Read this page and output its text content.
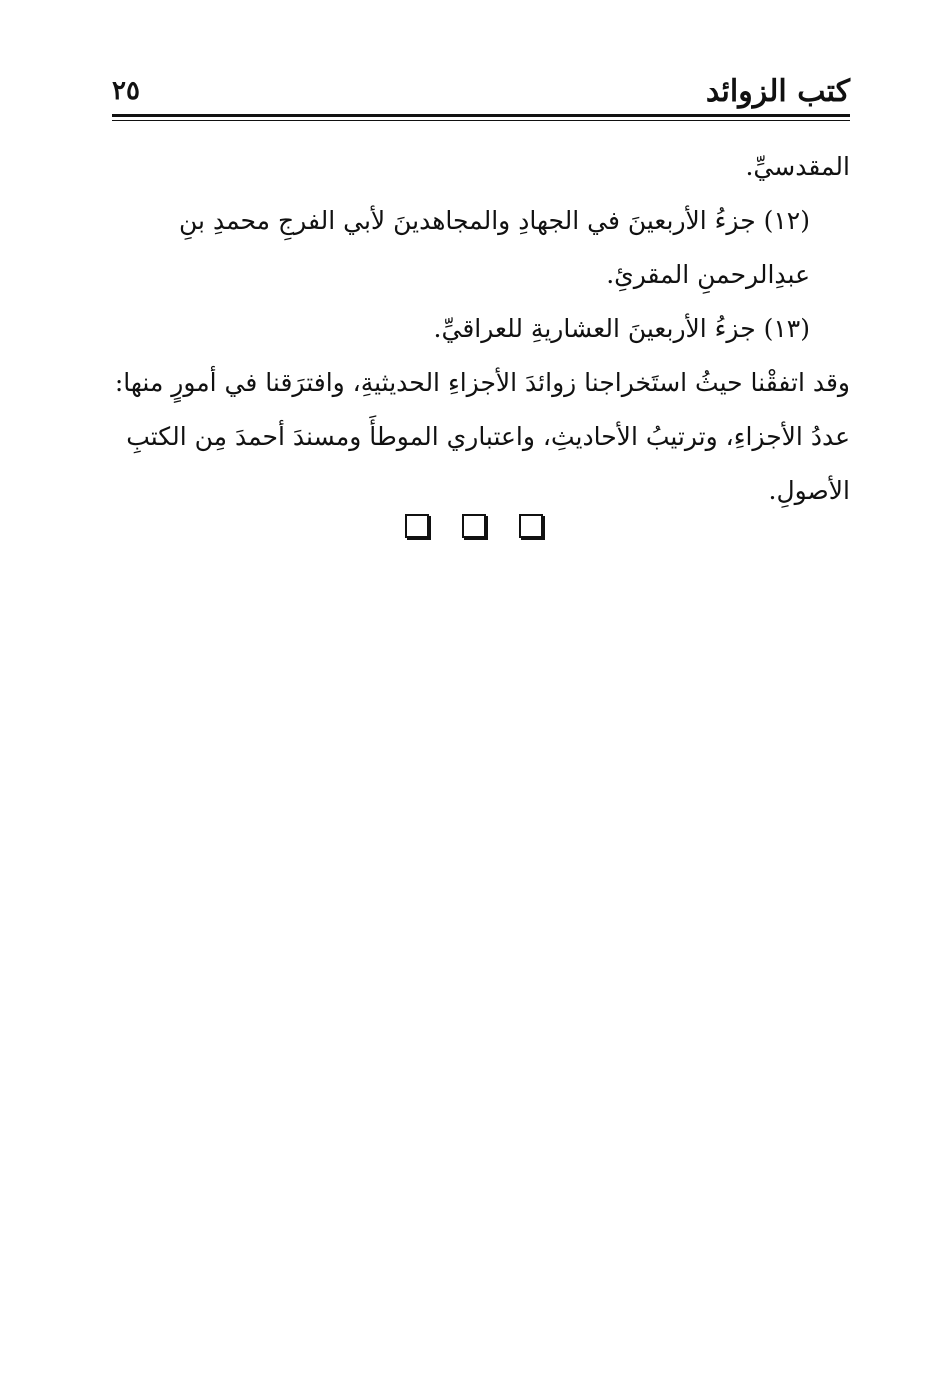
كتب الزوائد
٢٥

المقدسيِّ.

(١٢) جزءُ الأربعينَ في الجهادِ والمجاهدينَ لأبي الفرجِ محمدِ بنِ عبدِالرحمنِ المقرئِ.

(١٣) جزءُ الأربعينَ العشاريةِ للعراقيِّ.

وقد اتفقْنا حيثُ استَخراجنا زوائدَ الأجزاءِ الحديثيةِ، وافترَقنا في أمورٍ منها: عددُ الأجزاءِ، وترتيبُ الأحاديثِ، واعتباري الموطأَ ومسندَ أحمدَ مِن الكتبِ الأصولِ.
